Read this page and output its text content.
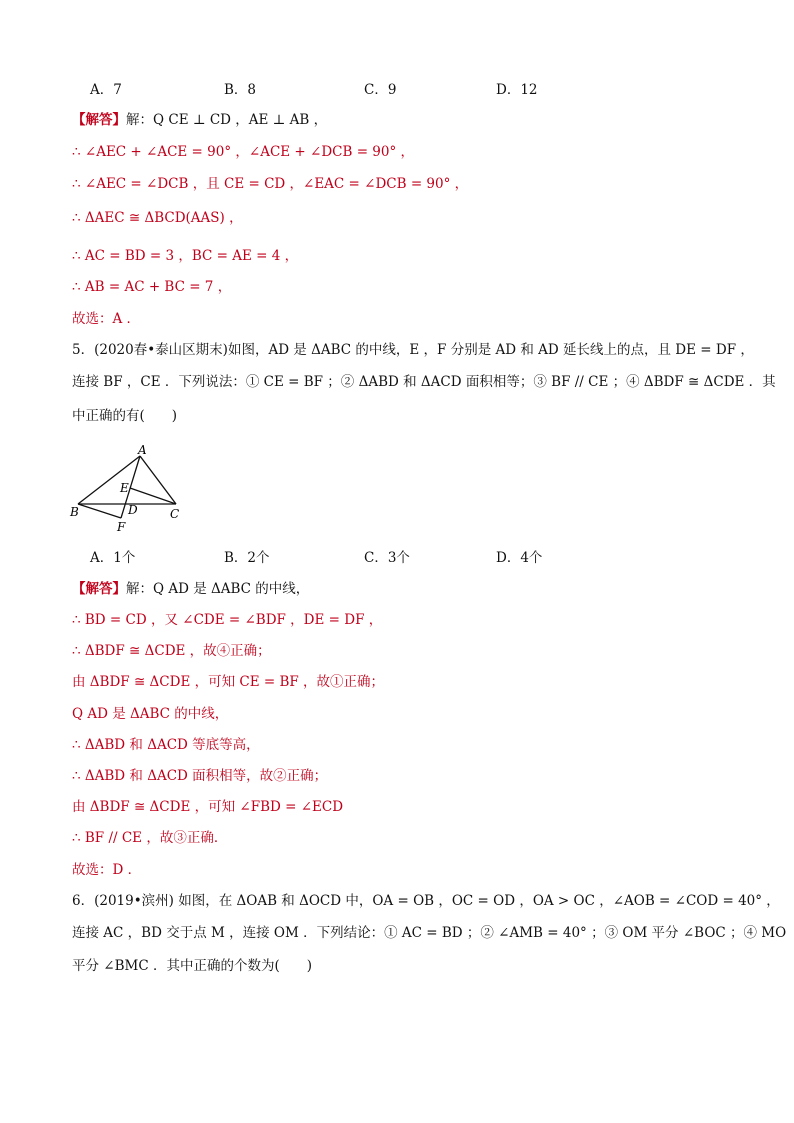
A．7	B．8	C．9	D．12
【解答】解：Q CE ⊥ CD ，AE ⊥ AB ，
∴ ∠AEC + ∠ACE = 90° ，∠ACE + ∠DCB = 90° ，
∴ ∠AEC = ∠DCB ，且 CE = CD ，∠EAC = ∠DCB = 90° ，
∴ ΔAEC ≅ ΔBCD(AAS) ，
∴ AC = BD = 3 ，BC = AE = 4 ，
∴ AB = AC + BC = 7 ，
故选：A ．
5．(2020春•泰山区期末)如图，AD 是 ΔABC 的中线，E ，F 分别是 AD 和 AD 延长线上的点，且 DE = DF ，
连接 BF ，CE ．下列说法：① CE = BF ；② ΔABD 和 ΔACD 面积相等；③ BF // CE ；④ ΔBDF ≅ ΔCDE ．其
中正确的有(　　)
A
B	C
D
E
F
A．1个	B．2个	C．3个	D．4个
【解答】解：Q AD 是 ΔABC 的中线，
∴ BD = CD ，又 ∠CDE = ∠BDF ，DE = DF ，
∴ ΔBDF ≅ ΔCDE ，故④正确；
由 ΔBDF ≅ ΔCDE ，可知 CE = BF ，故①正确；
Q AD 是 ΔABC 的中线，
∴ ΔABD 和 ΔACD 等底等高，
∴ ΔABD 和 ΔACD 面积相等，故②正确；
由 ΔBDF ≅ ΔCDE ，可知 ∠FBD = ∠ECD
∴ BF // CE ，故③正确．
故选：D ．
6．(2019•滨州) 如图，在 ΔOAB 和 ΔOCD 中，OA = OB ，OC = OD ，OA > OC ，∠AOB = ∠COD = 40° ，
连接 AC ，BD 交于点 M ，连接 OM ．下列结论：① AC = BD ；② ∠AMB = 40° ；③ OM 平分 ∠BOC ；④ MO
平分 ∠BMC ．其中正确的个数为(　　)
